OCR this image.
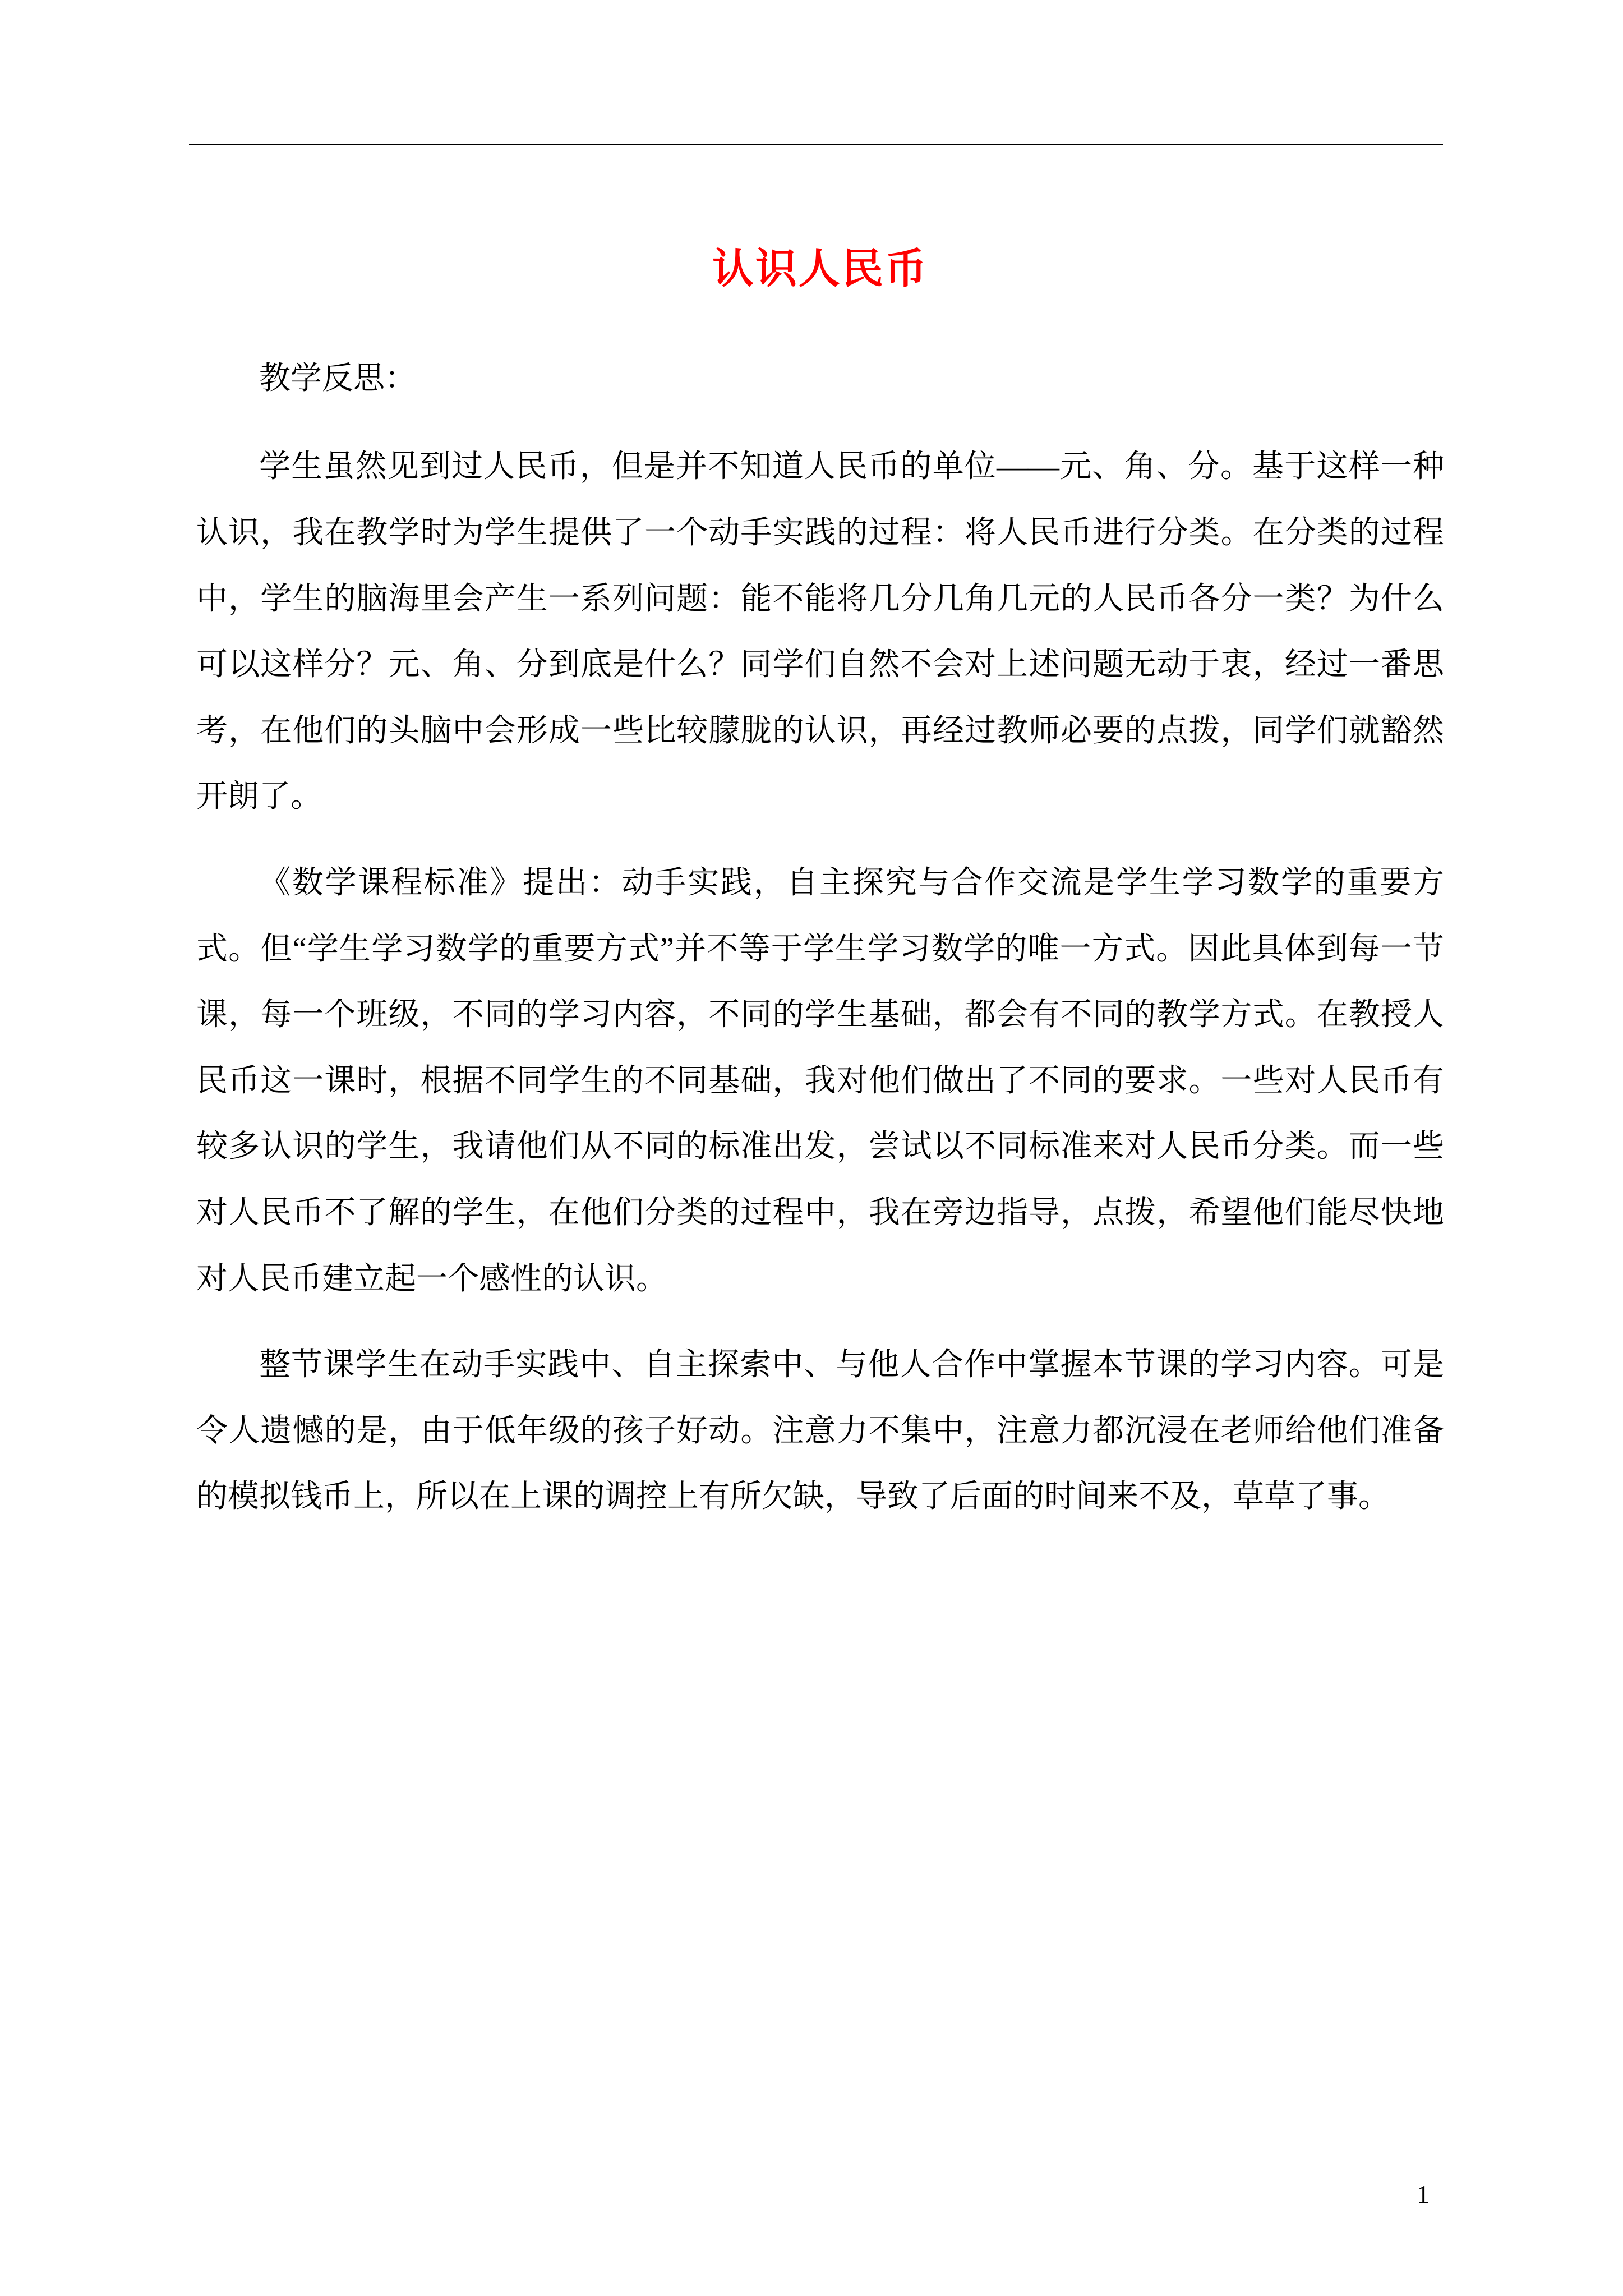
认识人民币

教学反思：

学生虽然见到过人民币，但是并不知道人民币的单位——元、角、分。基于这样一种认识，我在教学时为学生提供了一个动手实践的过程：将人民币进行分类。在分类的过程中，学生的脑海里会产生一系列问题：能不能将几分几角几元的人民币各分一类？为什么可以这样分？元、角、分到底是什么？同学们自然不会对上述问题无动于衷，经过一番思考，在他们的头脑中会形成一些比较朦胧的认识，再经过教师必要的点拨，同学们就豁然开朗了。

《数学课程标准》提出：动手实践，自主探究与合作交流是学生学习数学的重要方式。但“学生学习数学的重要方式”并不等于学生学习数学的唯一方式。因此具体到每一节课，每一个班级，不同的学习内容，不同的学生基础，都会有不同的教学方式。在教授人民币这一课时，根据不同学生的不同基础，我对他们做出了不同的要求。一些对人民币有较多认识的学生，我请他们从不同的标准出发，尝试以不同标准来对人民币分类。而一些对人民币不了解的学生，在他们分类的过程中，我在旁边指导，点拨，希望他们能尽快地对人民币建立起一个感性的认识。

整节课学生在动手实践中、自主探索中、与他人合作中掌握本节课的学习内容。可是令人遗憾的是，由于低年级的孩子好动。注意力不集中，注意力都沉浸在老师给他们准备的模拟钱币上，所以在上课的调控上有所欠缺，导致了后面的时间来不及，草草了事。

1
